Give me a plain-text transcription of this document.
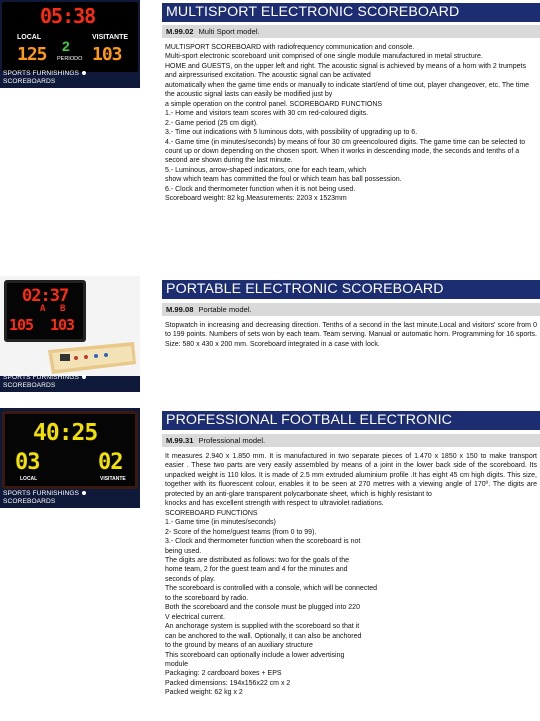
05:38
LOCAL	VISITANTE
125 2
PERIODO 103
SPORTS FURNISHINGS
SCOREBOARDS
MULTISPORT ELECTRONIC SCOREBOARD
M.99.02 Multi Sport model.

MULTISPORT SCOREBOARD with radiofrequency communication and console.

Multi-sport electronic scoreboard unit comprised of one single module manufactured in metal structure.

HOME and GUESTS, on the upper left and right. The acoustic signal is achieved by means of a horn with 2 trumpets and airpressurised excitation. The acoustic signal can be activated

automatically when the game time ends or manually to indicate start/end of time out, player changeover, etc. The time the acoustic signal lasts can easily be modified just by

a simple operation on the control panel. SCOREBOARD FUNCTIONS

1.- Home and visitors team scores with 30 cm red-coloured digits.

2.- Game period (25 cm digit).

3.- Time out indications with 5 luminous dots, with possibility of upgrading up to 6.

4.- Game time (in minutes/seconds) by means of four 30 cm greencoloured digits. The game time can be selected to count up or down depending on the chosen sport. When it works in descending mode, the seconds and tenths of a second are shown during the last minute.

5.- Luminous, arrow-shaped indicators, one for each team, which

show which team has committed the foul or which team has ball possession.

6.- Clock and thermometer function when it is not being used.

Scoreboard weight: 82 kg.Measurements: 2203 x 1523mm

02:37
A B
105 103
SPORTS FURNISHINGS
SCOREBOARDS
PORTABLE ELECTRONIC SCOREBOARD
M.99.08 Portable model.

Stopwatch in increasing and decreasing direction. Tenths of a second in the last minute.Local and visitors' score from 0 to 199 points. Numbers of sets won by each team. Team serving. Manual or automatic horn. Programming for 16 sports. Size: 580 x 430 x 200 mm. Scoreboard integrated in a case with lock.

40:25
03	02
LOCAL	VISITANTE
SPORTS FURNISHINGS
SCOREBOARDS
PROFESSIONAL FOOTBALL ELECTRONIC
M.99.31 Professional model.

It measures 2.940 x 1.850 mm. It is manufactured in two separate pieces of 1.470 x 1850 x 150 to make transport easier . These two parts are very easily assembled by means of a joint in the lower back side of the scoreboard. Its unpacked weight is 110 kilos. It is made of 2.5 mm extruded aluminium profile .It has eight 45 cm high digits. This size, together with its fluorescent colour, enables it to be seen at 270 metres with a viewing angle of 170º. The digits are protected by an anti-glare transparent polycarbonate sheet, which is highly resistant to

knocks and has excellent strength with respect to ultraviolet radiations.

SCOREBOARD FUNCTIONS

1.- Game time (in minutes/seconds)

2- Score of the home/guest teams (from 0 to 99).

3.- Clock and thermometer function when the scoreboard is not

being used.

The digits are distributed as follows: two for the goals of the

home team, 2 for the guest team and 4 for the minutes and

seconds of play.

The scoreboard is controlled with a console, which will be connected

to the scoreboard by radio.

Both the scoreboard and the console must be plugged into 220

V electrical current.

An anchorage system is supplied with the scoreboard so that it

can be anchored to the wall. Optionally, it can also be anchored

to the ground by means of an auxiliary structure

This scoreboard can optionally include a lower advertising

module

Packaging: 2 cardboard boxes + EPS

Packed dimensions: 194x156x22 cm x 2

Packed weight: 62 kg x 2
